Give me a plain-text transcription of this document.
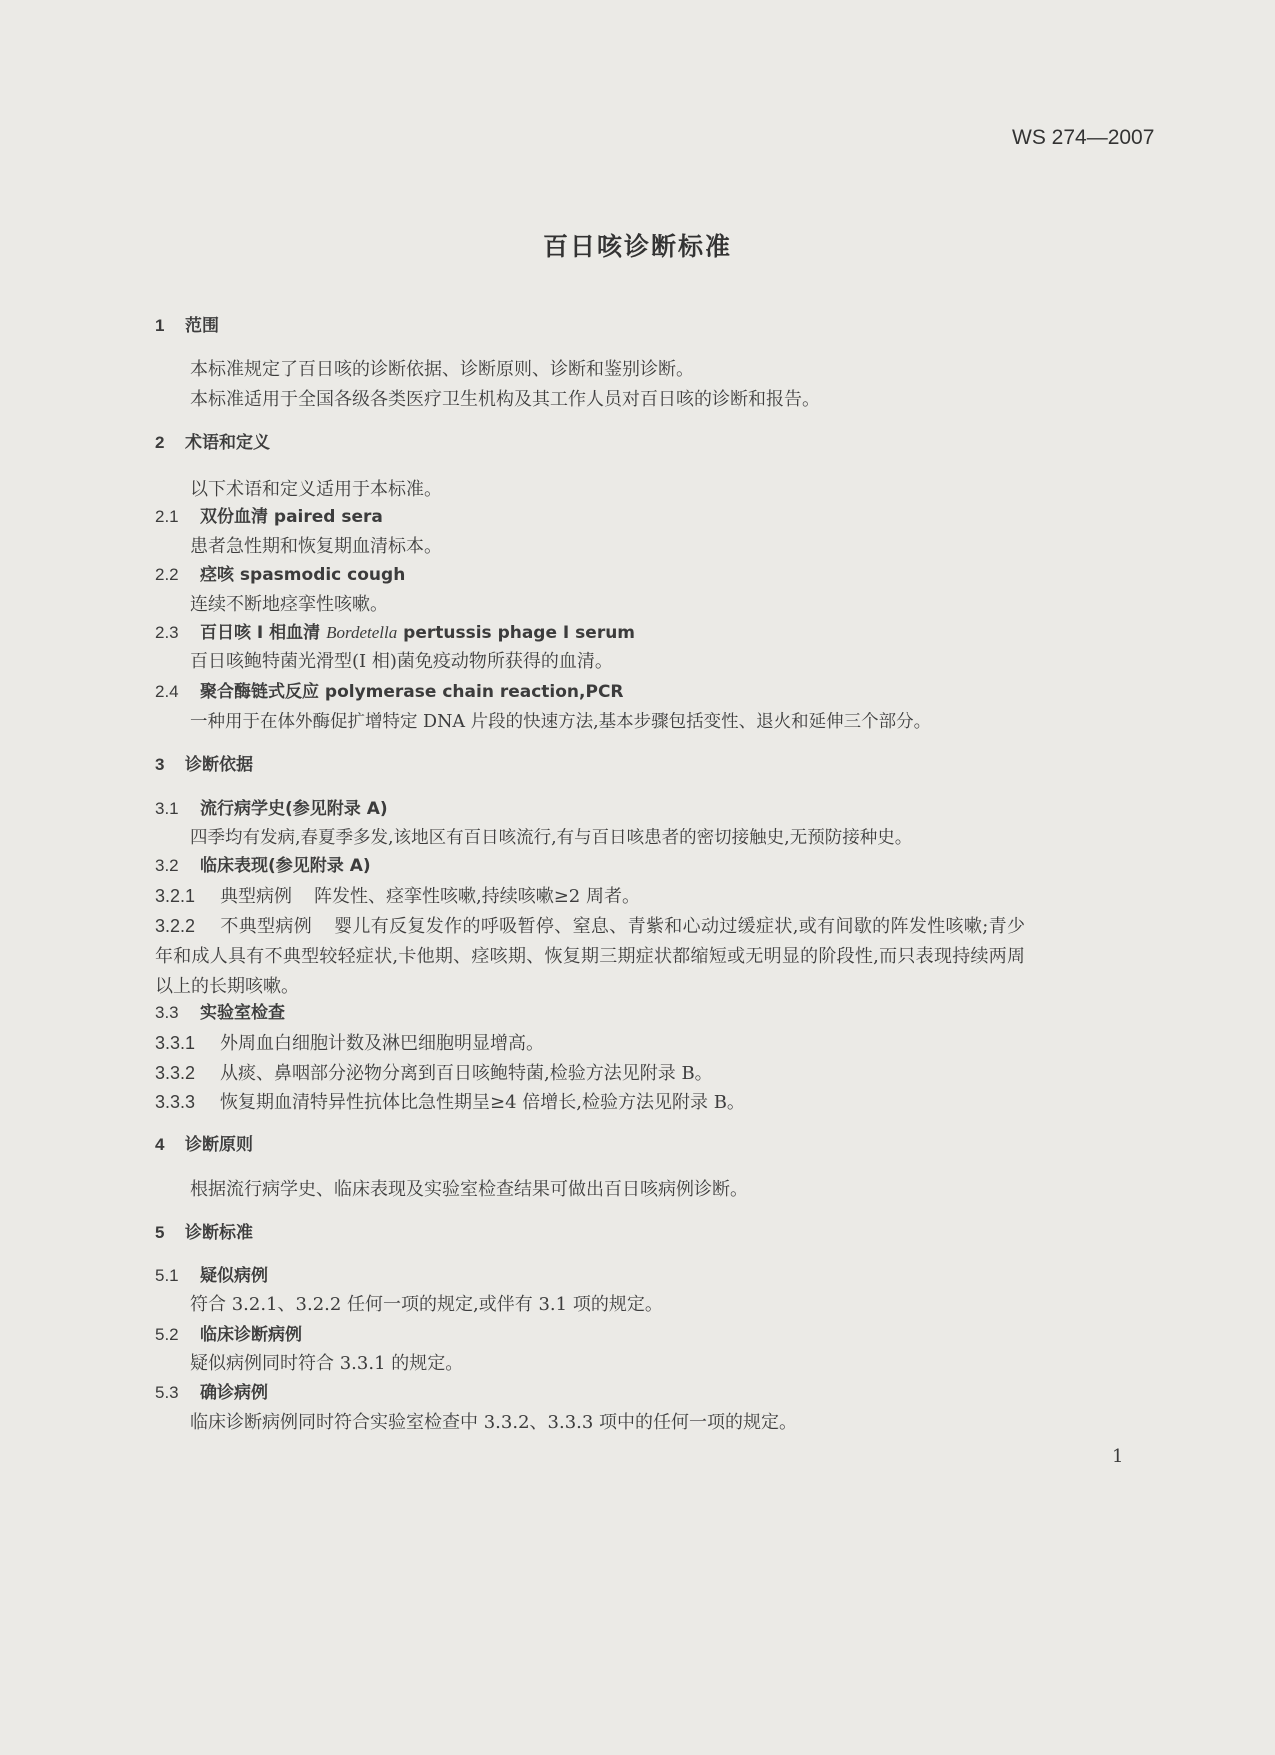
WS 274—2007
百日咳诊断标准
1 范围
本标准规定了百日咳的诊断依据、诊断原则、诊断和鉴别诊断。
本标准适用于全国各级各类医疗卫生机构及其工作人员对百日咳的诊断和报告。
2 术语和定义
以下术语和定义适用于本标准。
2.1 双份血清 paired sera
患者急性期和恢复期血清标本。
2.2 痉咳 spasmodic cough
连续不断地痉挛性咳嗽。
2.3 百日咳 I 相血清 Bordetella pertussis phage I serum
百日咳鲍特菌光滑型(I 相)菌免疫动物所获得的血清。
2.4 聚合酶链式反应 polymerase chain reaction,PCR
一种用于在体外酶促扩增特定 DNA 片段的快速方法,基本步骤包括变性、退火和延伸三个部分。
3 诊断依据
3.1 流行病学史(参见附录 A)
四季均有发病,春夏季多发,该地区有百日咳流行,有与百日咳患者的密切接触史,无预防接种史。
3.2 临床表现(参见附录 A)
3.2.1 典型病例 阵发性、痉挛性咳嗽,持续咳嗽≥2 周者。
3.2.2 不典型病例 婴儿有反复发作的呼吸暂停、窒息、青紫和心动过缓症状,或有间歇的阵发性咳嗽;青少年和成人具有不典型较轻症状,卡他期、痉咳期、恢复期三期症状都缩短或无明显的阶段性,而只表现持续两周以上的长期咳嗽。
3.3 实验室检查
3.3.1 外周血白细胞计数及淋巴细胞明显增高。
3.3.2 从痰、鼻咽部分泌物分离到百日咳鲍特菌,检验方法见附录 B。
3.3.3 恢复期血清特异性抗体比急性期呈≥4 倍增长,检验方法见附录 B。
4 诊断原则
根据流行病学史、临床表现及实验室检查结果可做出百日咳病例诊断。
5 诊断标准
5.1 疑似病例
符合 3.2.1、3.2.2 任何一项的规定,或伴有 3.1 项的规定。
5.2 临床诊断病例
疑似病例同时符合 3.3.1 的规定。
5.3 确诊病例
临床诊断病例同时符合实验室检查中 3.3.2、3.3.3 项中的任何一项的规定。
1
